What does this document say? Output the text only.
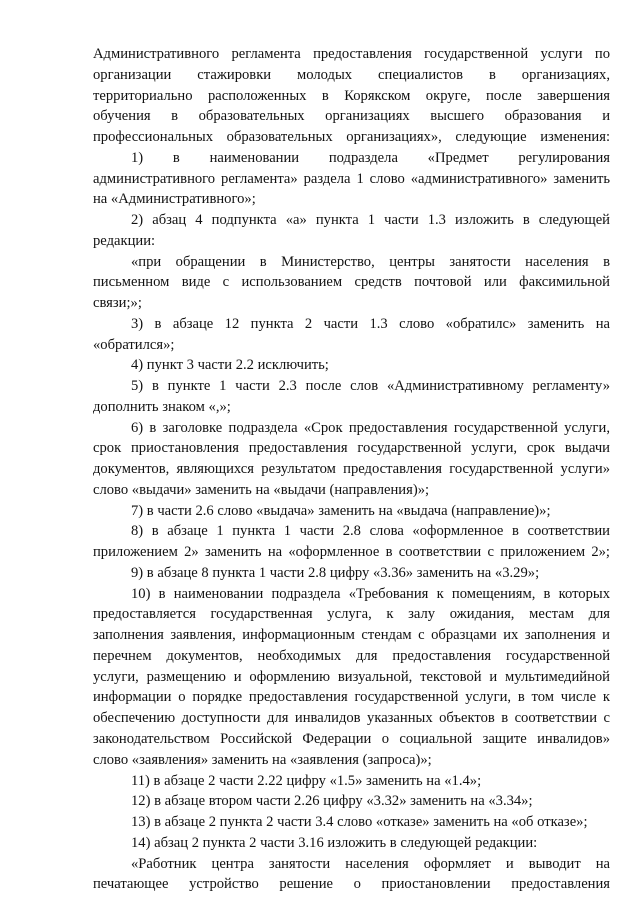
Административного регламента предоставления государственной услуги по
организации стажировки молодых специалистов в организациях,
территориально расположенных в Корякском округе, после завершения
обучения в образовательных организациях высшего образования и
профессиональных образовательных организациях», следующие изменения:
1) в наименовании подраздела «Предмет регулирования
административного регламента» раздела 1 слово «административного» заменить
на «Административного»;
2) абзац 4 подпункта «а» пункта 1 части 1.3 изложить в следующей
редакции:
«при обращении в Министерство, центры занятости населения в
письменном виде с использованием средств почтовой или факсимильной
связи;»;
3) в абзаце 12 пункта 2 части 1.3 слово «обратилс» заменить на
«обратился»;
4) пункт 3 части 2.2 исключить;
5) в пункте 1 части 2.3 после слов «Административному регламенту»
дополнить знаком «,»;
6) в заголовке подраздела «Срок предоставления государственной услуги,
срок приостановления предоставления государственной услуги, срок выдачи
документов, являющихся результатом предоставления государственной услуги»
слово «выдачи» заменить на «выдачи (направления)»;
7) в части 2.6 слово «выдача» заменить на «выдача (направление)»;
8) в абзаце 1 пункта 1 части 2.8 слова «оформленное в соответствии
приложением 2» заменить на «оформленное в соответствии с приложением 2»;
9) в абзаце 8 пункта 1 части 2.8 цифру «3.36» заменить на «3.29»;
10) в наименовании подраздела «Требования к помещениям, в которых
предоставляется государственная услуга, к залу ожидания, местам для
заполнения заявления, информационным стендам с образцами их заполнения и
перечнем документов, необходимых для предоставления государственной
услуги, размещению и оформлению визуальной, текстовой и мультимедийной
информации о порядке предоставления государственной услуги, в том числе к
обеспечению доступности для инвалидов указанных объектов в соответствии с
законодательством Российской Федерации о социальной защите инвалидов»
слово «заявления» заменить на «заявления (запроса)»;
11) в абзаце 2 части 2.22 цифру «1.5» заменить на «1.4»;
12) в абзаце втором части 2.26 цифру «3.32» заменить на «3.34»;
13) в абзаце 2 пункта 2 части 3.4 слово «отказе» заменить на «об отказе»;
14) абзац 2 пункта 2 части 3.16 изложить в следующей редакции:
«Работник центра занятости населения оформляет и выводит на
печатающее устройство решение о приостановлении предоставления
